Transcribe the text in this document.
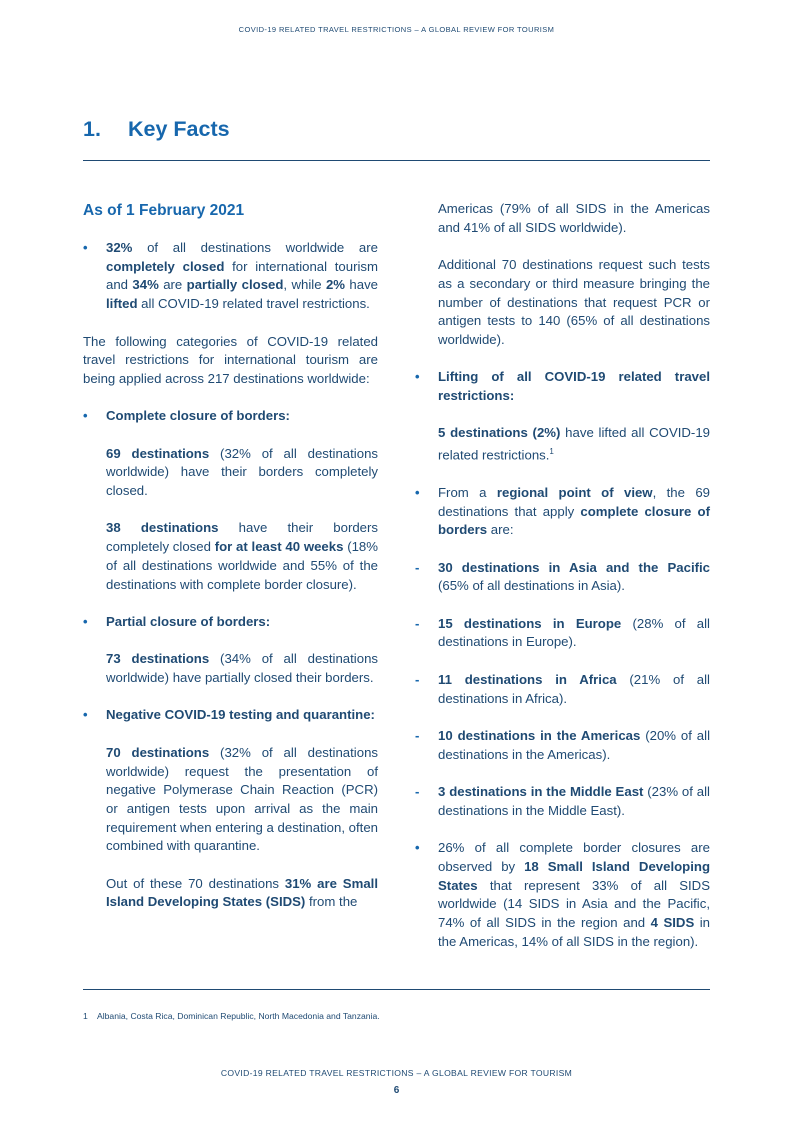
COVID-19 RELATED TRAVEL RESTRICTIONS – A GLOBAL REVIEW FOR TOURISM
1. Key Facts
As of 1 February 2021
•	32% of all destinations worldwide are completely closed for international tourism and 34% are partially closed, while 2% have lifted all COVID-19 related travel restrictions.

The following categories of COVID-19 related travel restrictions for international tourism are being applied across 217 destinations worldwide:

•	Complete closure of borders:

69 destinations (32% of all destinations worldwide) have their borders completely closed.

38 destinations have their borders completely closed for at least 40 weeks (18% of all destinations worldwide and 55% of the destinations with complete border closure).

•	Partial closure of borders:

73 destinations (34% of all destinations worldwide) have partially closed their borders.

•	Negative COVID-19 testing and quarantine:

70 destinations (32% of all destinations worldwide) request the presentation of negative Polymerase Chain Reaction (PCR) or antigen tests upon arrival as the main requirement when entering a destination, often combined with quarantine.

Out of these 70 destinations 31% are Small Island Developing States (SIDS) from the

Americas (79% of all SIDS in the Americas and 41% of all SIDS worldwide).

Additional 70 destinations request such tests as a secondary or third measure bringing the number of destinations that request PCR or antigen tests to 140 (65% of all destinations worldwide).

•	Lifting of all COVID-19 related travel restrictions:

5 destinations (2%) have lifted all COVID-19 related restrictions.$^1$

•	From a regional point of view, the 69 destinations that apply complete closure of borders are:

-	30 destinations in Asia and the Pacific (65% of all destinations in Asia).

-	15 destinations in Europe (28% of all destinations in Europe).

-	11 destinations in Africa (21% of all destinations in Africa).

-	10 destinations in the Americas (20% of all destinations in the Americas).

-	3 destinations in the Middle East (23% of all destinations in the Middle East).

•	26% of all complete border closures are observed by 18 Small Island Developing States that represent 33% of all SIDS worldwide (14 SIDS in Asia and the Pacific, 74% of all SIDS in the region and 4 SIDS in the Americas, 14% of all SIDS in the region).

1 Albania, Costa Rica, Dominican Republic, North Macedonia and Tanzania.
COVID-19 RELATED TRAVEL RESTRICTIONS – A GLOBAL REVIEW FOR TOURISM
6
